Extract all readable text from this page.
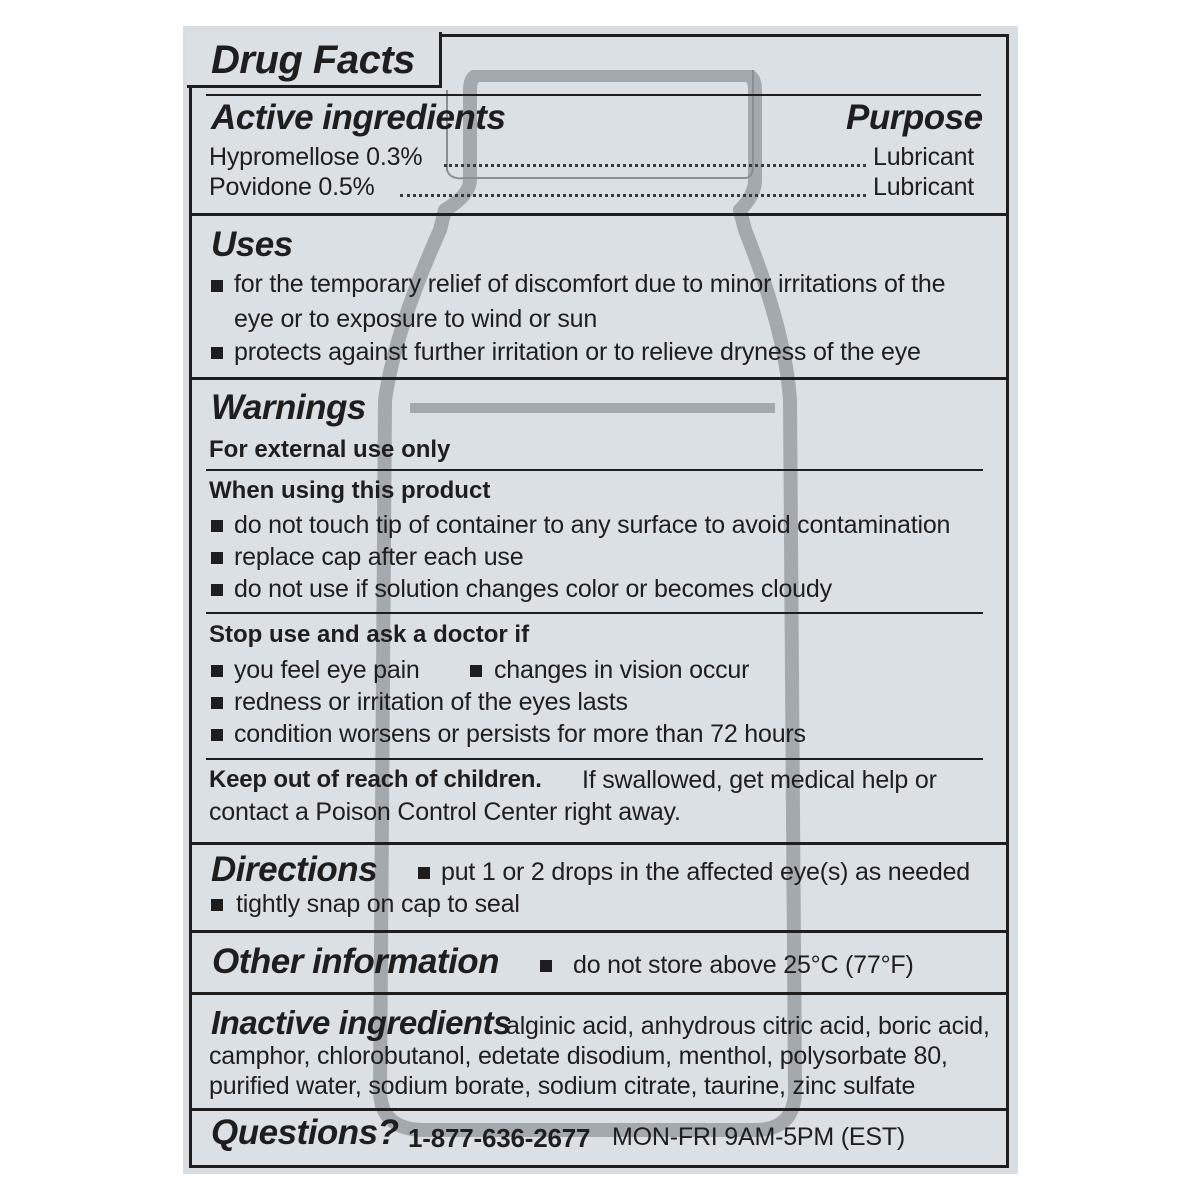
Drug Facts
Active ingredients	Purpose
Hypromellose 0.3%	Lubricant
Povidone 0.5%	Lubricant
Uses
for the temporary relief of discomfort due to minor irritations of the
eye or to exposure to wind or sun
protects against further irritation or to relieve dryness of the eye
Warnings
For external use only
When using this product
do not touch tip of container to any surface to avoid contamination
replace cap after each use
do not use if solution changes color or becomes cloudy
Stop use and ask a doctor if
you feel eye pain	changes in vision occur
redness or irritation of the eyes lasts
condition worsens or persists for more than 72 hours
Keep out of reach of children. If swallowed, get medical help or
contact a Poison Control Center right away.
Directions	put 1 or 2 drops in the affected eye(s) as needed
tightly snap on cap to seal
Other information	do not store above 25°C (77°F)
Inactive ingredients
alginic acid, anhydrous citric acid, boric acid,
camphor, chlorobutanol, edetate disodium, menthol, polysorbate 80,
purified water, sodium borate, sodium citrate, taurine, zinc sulfate
Questions? 1-877-636-2677 MON-FRI 9AM-5PM (EST)
